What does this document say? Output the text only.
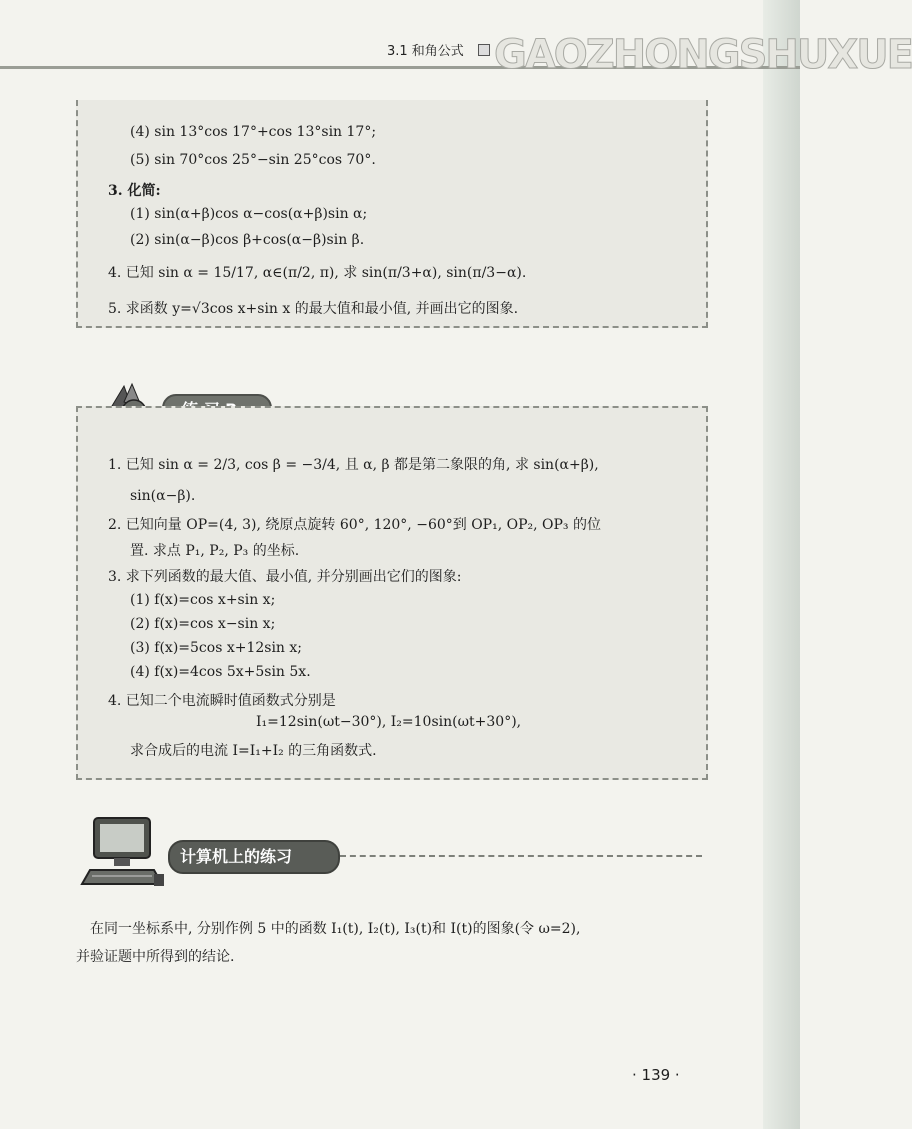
3.1 和角公式 GAOZHONGSHUXUE
(4) sin 13°cos 17°+cos 13°sin 17°;
(5) sin 70°cos 25°−sin 25°cos 70°.
3. 化简:
(1) sin(α+β)cos α−cos(α+β)sin α;
(2) sin(α−β)cos β+cos(α−β)sin β.
4. 已知 sin α = 15/17, α∈(π/2, π), 求 sin(π/3+α), sin(π/3−α).
5. 求函数 y=√3cos x+sin x 的最大值和最小值, 并画出它的图象.
1. 已知 sin α = 2/3, cos β = −3/4, 且 α, β 都是第二象限的角, 求 sin(α+β),
sin(α−β).
2. 已知向量 OP=(4, 3), 绕原点旋转 60°, 120°, −60°到 OP₁, OP₂, OP₃ 的位
置. 求点 P₁, P₂, P₃ 的坐标.
3. 求下列函数的最大值、最小值, 并分别画出它们的图象:
(1) f(x)=cos x+sin x;
(2) f(x)=cos x−sin x;
(3) f(x)=5cos x+12sin x;
(4) f(x)=4cos 5x+5sin 5x.
4. 已知二个电流瞬时值函数式分别是
I₁=12sin(ωt−30°), I₂=10sin(ωt+30°),
求合成后的电流 I=I₁+I₂ 的三角函数式.
计算机上的练习
在同一坐标系中, 分别作例 5 中的函数 I₁(t), I₂(t), I₃(t)和 I(t)的图象(令 ω=2),
并验证题中所得到的结论.
· 139 ·
